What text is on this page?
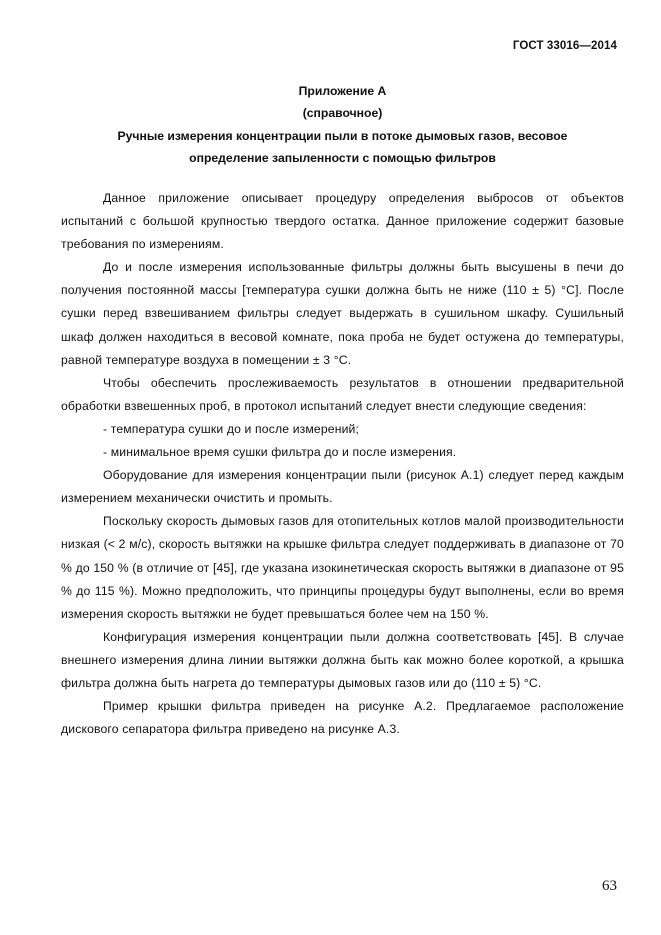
ГОСТ 33016—2014
Приложение А
(справочное)
Ручные измерения концентрации пыли в потоке дымовых газов, весовое
определение запыленности с помощью фильтров

Данное приложение описывает процедуру определения выбросов от объектов испытаний с большой крупностью твердого остатка. Данное приложение содержит базовые требования по измерениям.

До и после измерения использованные фильтры должны быть высушены в печи до получения постоянной массы [температура сушки должна быть не ниже (110 ± 5) °С]. После сушки перед взвешиванием фильтры следует выдержать в сушильном шкафу. Сушильный шкаф должен находиться в весовой комнате, пока проба не будет остужена до температуры, равной температуре воздуха в помещении ± 3 °С.

Чтобы обеспечить прослеживаемость результатов в отношении предварительной обработки взвешенных проб, в протокол испытаний следует внести следующие сведения:

- температура сушки до и после измерений;

- минимальное время сушки фильтра до и после измерения.

Оборудование для измерения концентрации пыли (рисунок А.1) следует перед каждым измерением механически очистить и промыть.

Поскольку скорость дымовых газов для отопительных котлов малой производительности низкая (< 2 м/с), скорость вытяжки на крышке фильтра следует поддерживать в диапазоне от 70 % до 150 % (в отличие от [45], где указана изокинетическая скорость вытяжки в диапазоне от 95 % до 115 %). Можно предположить, что принципы процедуры будут выполнены, если во время измерения скорость вытяжки не будет превышаться более чем на 150 %.

Конфигурация измерения концентрации пыли должна соответствовать [45]. В случае внешнего измерения длина линии вытяжки должна быть как можно более короткой, а крышка фильтра должна быть нагрета до температуры дымовых газов или до (110 ± 5) °С.

Пример крышки фильтра приведен на рисунке А.2. Предлагаемое расположение дискового сепаратора фильтра приведено на рисунке А.3.

63
